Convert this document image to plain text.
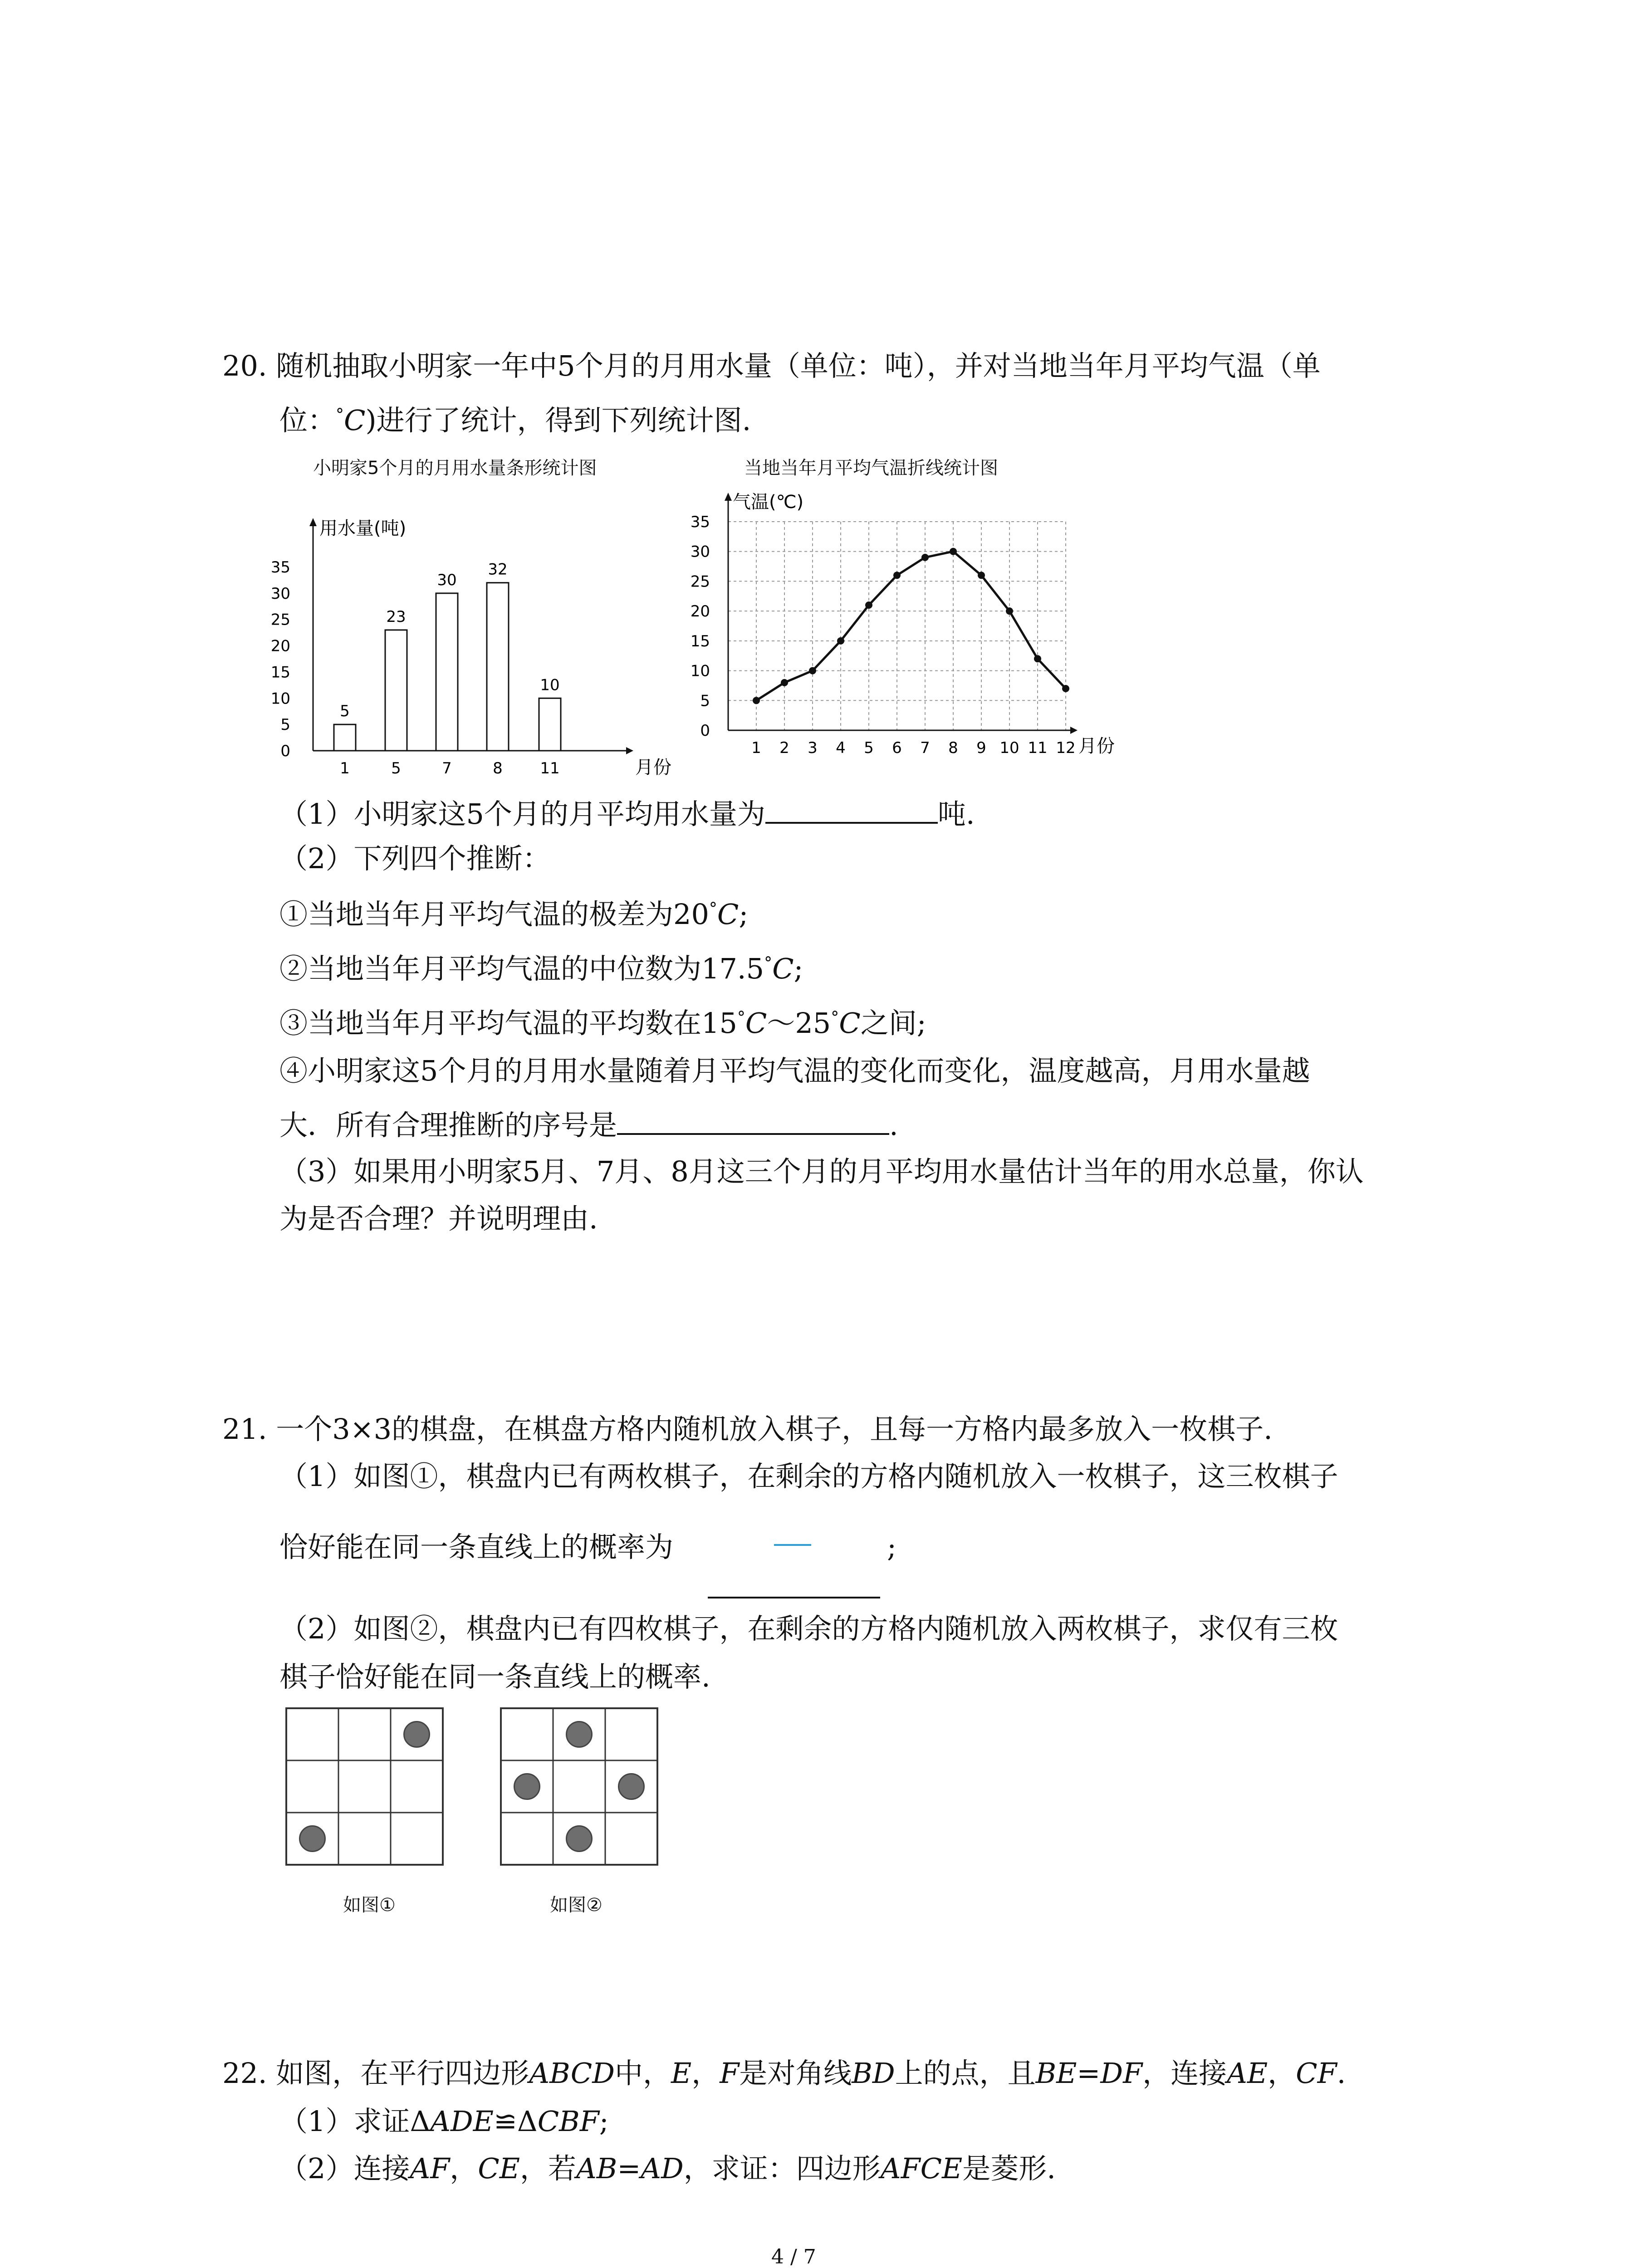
20. 随机抽取小明家一年中5个月的月用水量（单位：吨），并对当地当年月平均气温（单
位：°C)进行了统计，得到下列统计图.
小明家5个月的月用水量条形统计图
用水量(吨)
月份
0
5
10
15
20
25
30
35
5
1
23
5
30
7
32
8
10
11
当地当年月平均气温折线统计图
气温(℃)
月份
0
5
10
15
20
25
30
35
1 2 3 4 5 6 7 8 9 10 11 12
（1）小明家这5个月的月平均用水量为	吨.
（2）下列四个推断：
①当地当年月平均气温的极差为20°C;
②当地当年月平均气温的中位数为17.5°C;
③当地当年月平均气温的平均数在15°C～25°C之间;
④小明家这5个月的月用水量随着月平均气温的变化而变化，温度越高，月用水量越
大．所有合理推断的序号是	.
（3）如果用小明家5月、7月、8月这三个月的月平均用水量估计当年的用水总量，你认
为是否合理？并说明理由.
21. 一个3×3的棋盘，在棋盘方格内随机放入棋子，且每一方格内最多放入一枚棋子.
（1）如图①，棋盘内已有两枚棋子，在剩余的方格内随机放入一枚棋子，这三枚棋子
恰好能在同一条直线上的概率为	;
（2）如图②，棋盘内已有四枚棋子，在剩余的方格内随机放入两枚棋子，求仅有三枚
棋子恰好能在同一条直线上的概率.
如图①	如图②
22. 如图，在平行四边形ABCD中，E，F是对角线BD上的点，且BE=DF，连接AE，CF.
（1）求证ΔADE≌ΔCBF;
（2）连接AF，CE，若AB=AD，求证：四边形AFCE是菱形.
4 / 7
